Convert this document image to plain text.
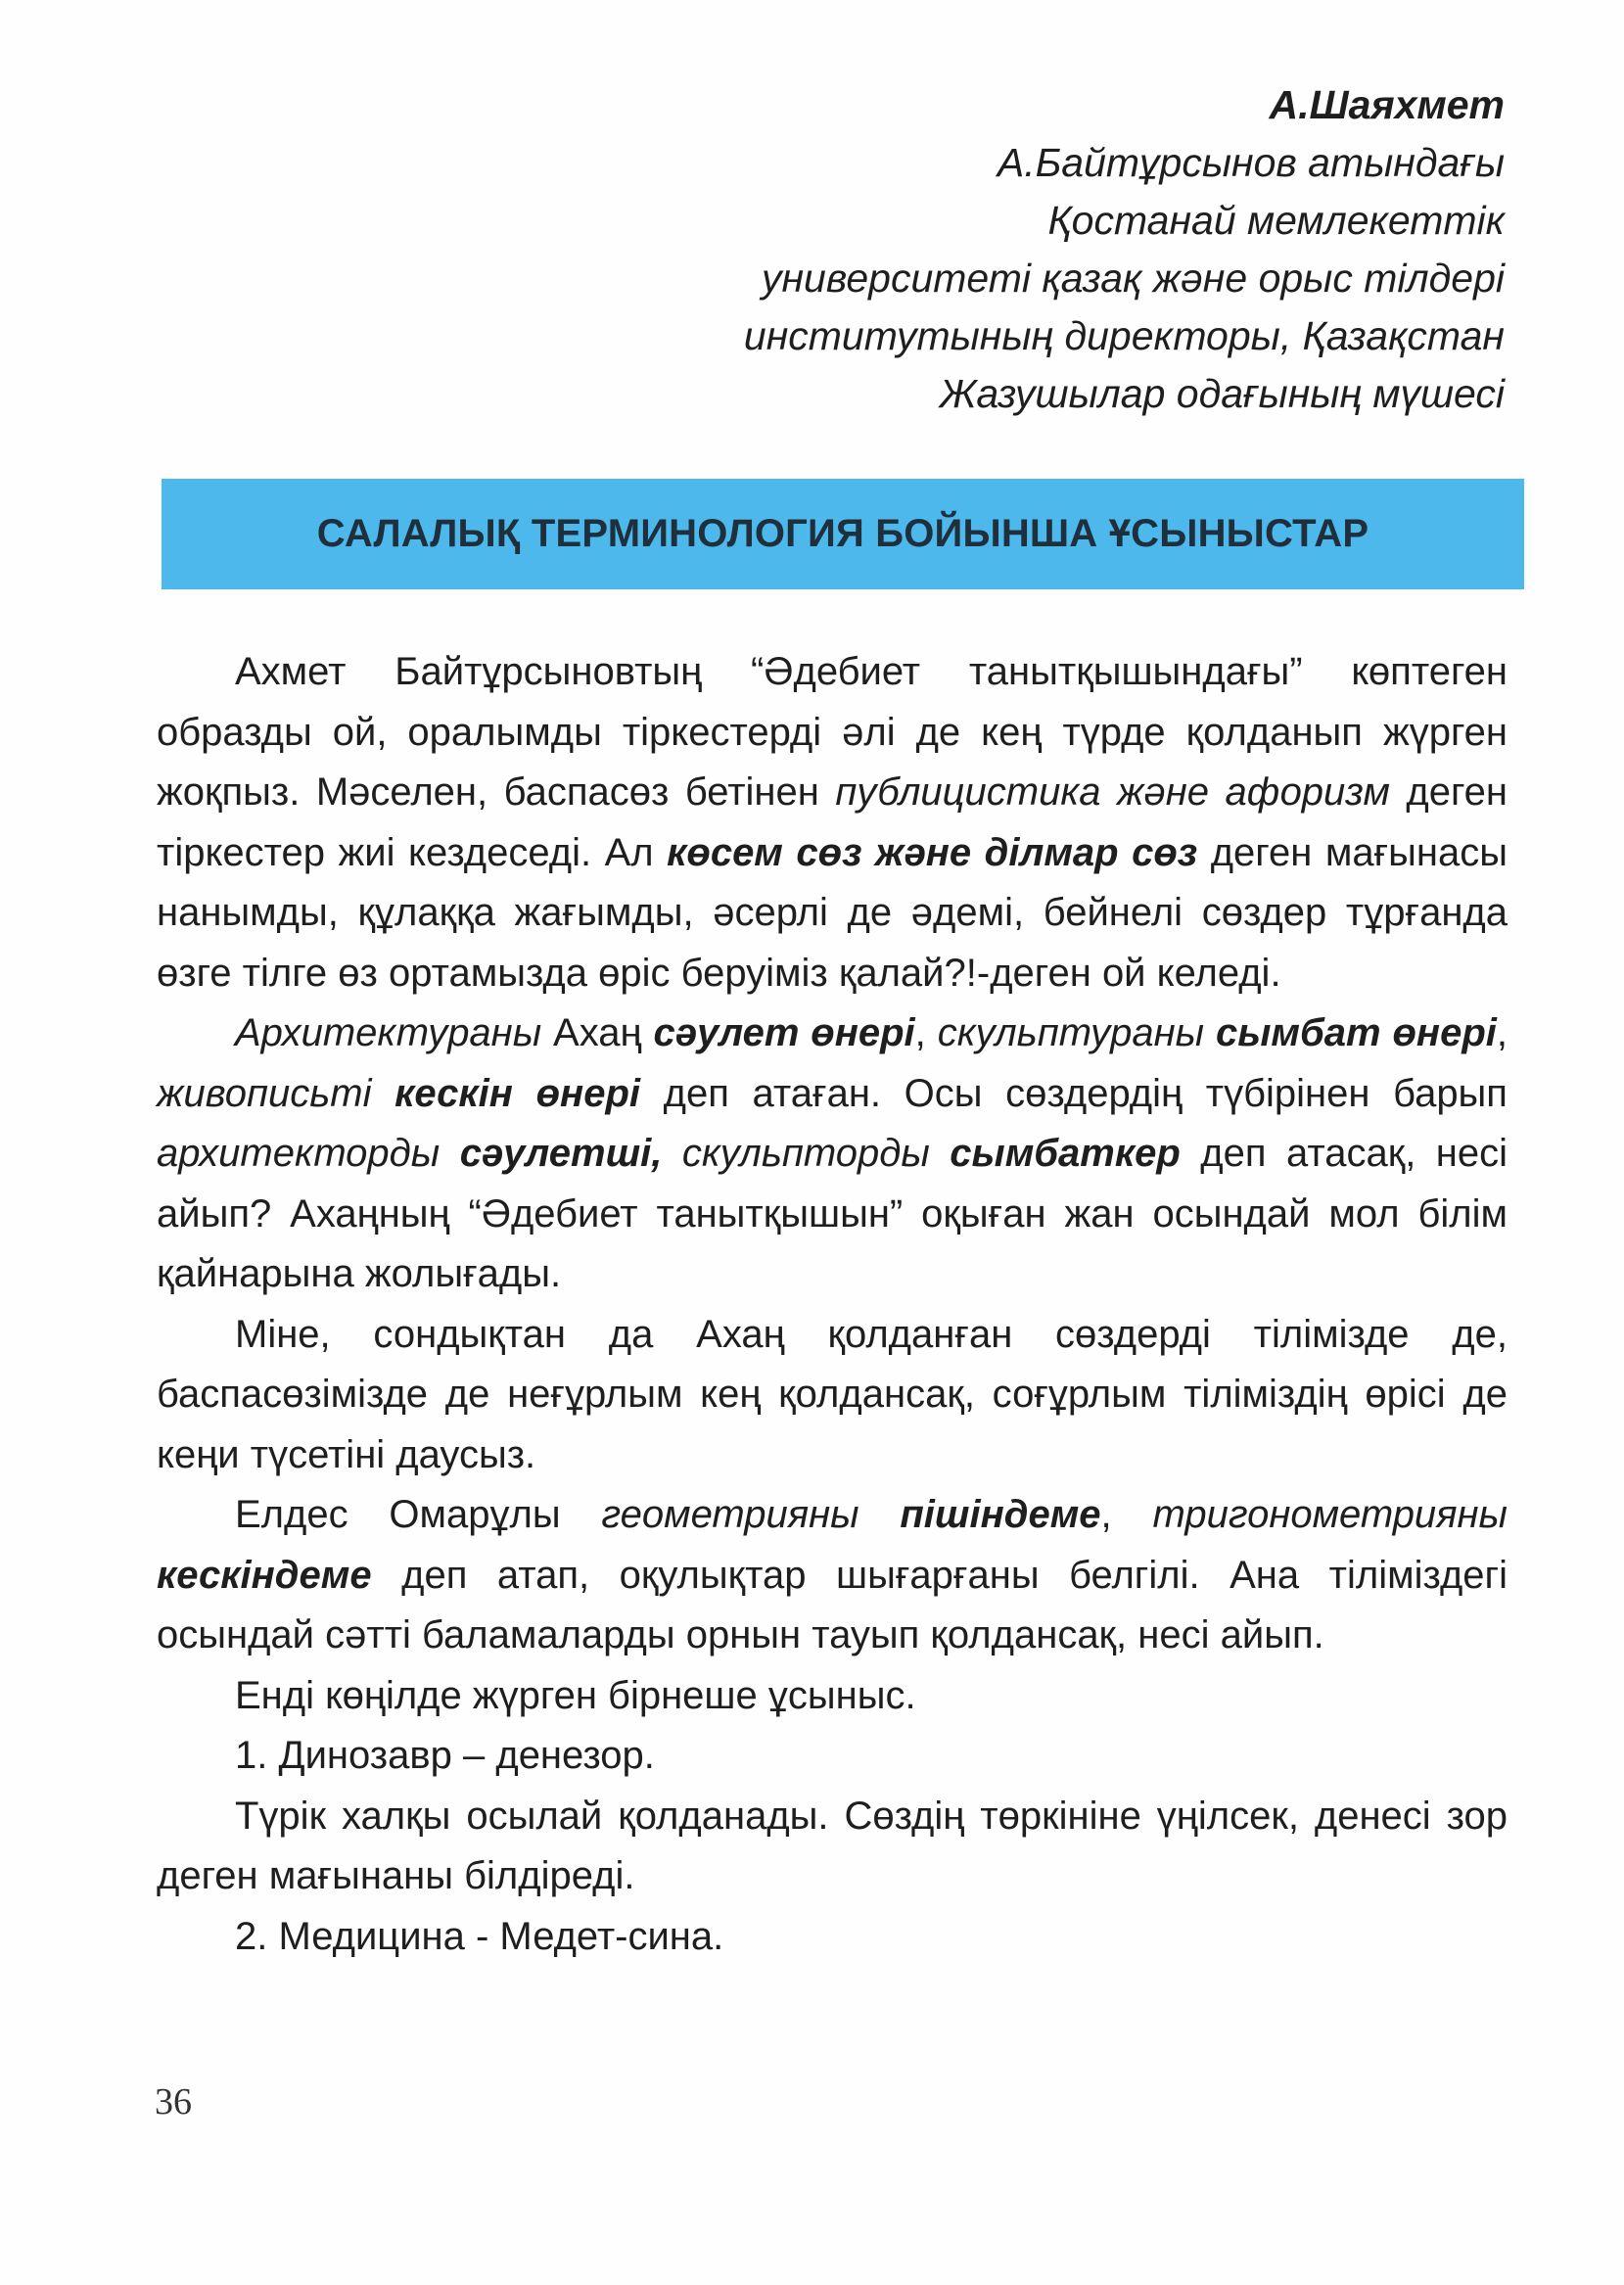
А.Шаяхмет
А.Байтұрсынов атындағы
Қостанай мемлекеттік
университеті қазақ және орыс тілдері
институтының директоры, Қазақстан
Жазушылар одағының мүшесі
САЛАЛЫҚ ТЕРМИНОЛОГИЯ БОЙЫНША ҰСЫНЫСТАР

Ахмет Байтұрсыновтың “Әдебиет танытқышындағы” көптеген образды ой, оралымды тіркестерді әлі де кең түрде қолданып жүрген жоқпыз. Мәселен, баспасөз бетінен публицистика және афоризм деген тіркестер жиі кездеседі. Ал көсем сөз және ділмар сөз деген мағынасы нанымды, құлаққа жағымды, әсерлі де әдемі, бейнелі сөздер тұрғанда өзге тілге өз ортамызда өріс беруіміз қалай?!-деген ой келеді.

Архитектураны Ахаң сәулет өнері, скульптураны сымбат өнері, живописьті кескін өнері деп атаған. Осы сөздердің түбірінен барып архитекторды сәулетші, скульпторды сымбаткер деп атасақ, несі айып? Ахаңның “Әдебиет танытқышын” оқыған жан осындай мол білім қайнарына жолығады.

Міне, сондықтан да Ахаң қолданған сөздерді тілімізде де, баспасөзімізде де неғұрлым кең қолдансақ, соғұрлым тіліміздің өрісі де кеңи түсетіні даусыз.

Елдес Омарұлы геометрияны пішіндеме, тригонометрияны кескіндеме деп атап, оқулықтар шығарғаны белгілі. Ана тіліміздегі осындай сәтті баламаларды орнын тауып қолдансақ, несі айып.

Енді көңілде жүрген бірнеше ұсыныс.

1. Динозавр – денезор.

Түрік халқы осылай қолданады. Сөздің төркініне үңілсек, денесі зор деген мағынаны білдіреді.

2. Медицина - Медет-сина.

36
